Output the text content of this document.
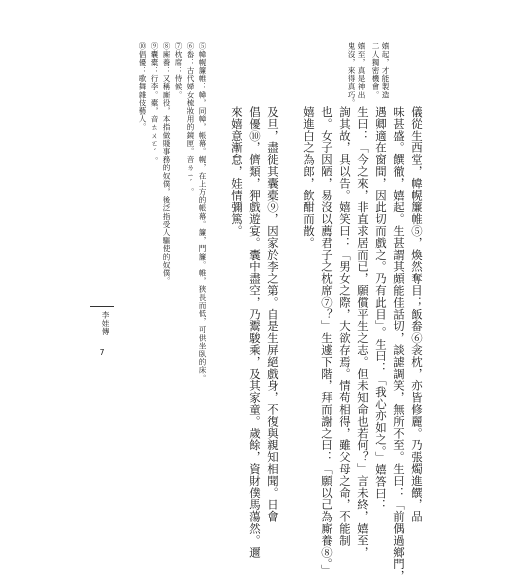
嬉起，才能製造
二人獨密機會。
嬉至，真是神出
鬼沒，來得真巧。
儀從生西堂，幃幌簾帷⑤，煥然奪目；飯畚⑥衾枕，亦皆修麗。乃張燭進饌，品
味甚盛。饌徹，嬉起。生甚謂其頗能佳話切，談謔調笑，無所不至。生曰：「前偶過鄉門，
遇卿適在窗間，因此切而戲之。乃有此目」。生曰：「我心亦如之。」嬉答曰：
生曰：「今之來，非直求居而已，願償平生之志。但未知命也若何？」言未終，嬉至，
詢其故，具以告。嬉笑曰：「男女之際，大欲存焉。情苟相得，雖父母之命，不能制
也。女子因陋，易沒以薦君子之枕席⑦？」生遽下階，拜而謝之曰：「願以己為廝養⑧。」
嬉進白之為郎，飲酣而散。
及旦，盡徙其囊橐⑨，因家於李之第。自是生屏絕戲身，不復與親知相聞。日會
倡優⑩，儕類，狎戲遊宴。囊中盡空，乃鬻駿乘，及其家童。歲餘，資財僕馬蕩然。邇
來嬉意漸怠，娃情彌篤。
⑤幃幌簾帷：幃，同幛，帳幕。幌，在上方的帳幕。簾，門簾。帷，狹長而低，可供坐臥的床。
⑥畚：古代婦女梳妝用的鏡匣。音ㄌㄧˊ。
⑦枕席：侍候。
⑧廝養：又稱廝役，本指做賤事務的奴僕，後泛指受人驅使的奴僕。
⑨囊橐：行李。橐，音ㄊㄨㄛˊ。
⑩倡優：歌舞雜伎藝人。
李娃傳
7
